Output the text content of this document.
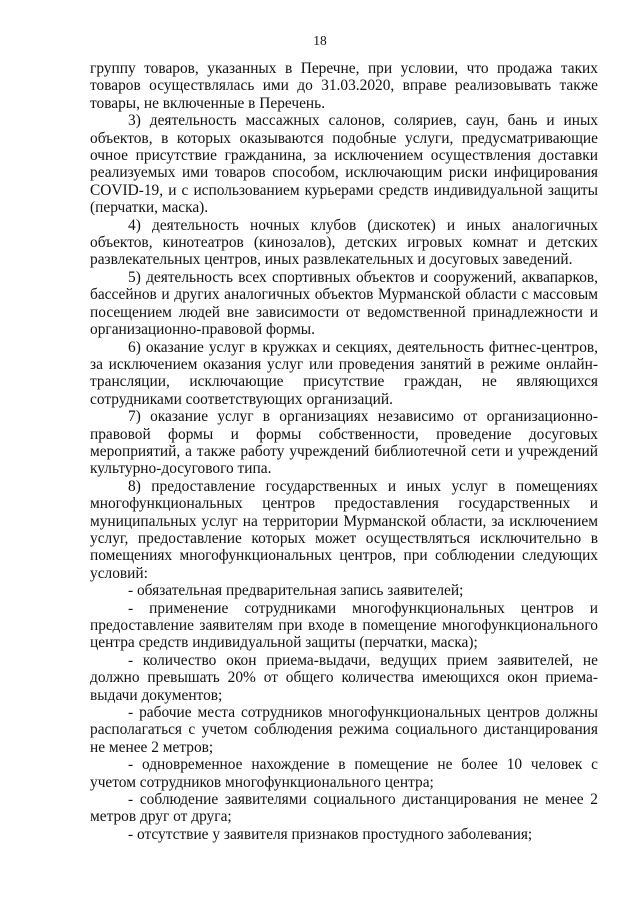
18

группу товаров, указанных в Перечне, при условии, что продажа таких товаров осуществлялась ими до 31.03.2020, вправе реализовывать также товары, не включенные в Перечень.

3) деятельность массажных салонов, соляриев, саун, бань и иных объектов, в которых оказываются подобные услуги, предусматривающие очное присутствие гражданина, за исключением осуществления доставки реализуемых ими товаров способом, исключающим риски инфицирования COVID-19, и с использованием курьерами средств индивидуальной защиты (перчатки, маска).

4) деятельность ночных клубов (дискотек) и иных аналогичных объектов, кинотеатров (кинозалов), детских игровых комнат и детских развлекательных центров, иных развлекательных и досуговых заведений.

5) деятельность всех спортивных объектов и сооружений, аквапарков, бассейнов и других аналогичных объектов Мурманской области с массовым посещением людей вне зависимости от ведомственной принадлежности и организационно-правовой формы.

6) оказание услуг в кружках и секциях, деятельность фитнес-центров, за исключением оказания услуг или проведения занятий в режиме онлайн-трансляции, исключающие присутствие граждан, не являющихся сотрудниками соответствующих организаций.

7) оказание услуг в организациях независимо от организационно-правовой формы и формы собственности, проведение досуговых мероприятий, а также работу учреждений библиотечной сети и учреждений культурно-досугового типа.

8) предоставление государственных и иных услуг в помещениях многофункциональных центров предоставления государственных и муниципальных услуг на территории Мурманской области, за исключением услуг, предоставление которых может осуществляться исключительно в помещениях многофункциональных центров, при соблюдении следующих условий:

- обязательная предварительная запись заявителей;

- применение сотрудниками многофункциональных центров и предоставление заявителям при входе в помещение многофункционального центра средств индивидуальной защиты (перчатки, маска);

- количество окон приема-выдачи, ведущих прием заявителей, не должно превышать 20% от общего количества имеющихся окон приема-выдачи документов;

- рабочие места сотрудников многофункциональных центров должны располагаться с учетом соблюдения режима социального дистанцирования не менее 2 метров;

- одновременное нахождение в помещение не более 10 человек с учетом сотрудников многофункционального центра;

- соблюдение заявителями социального дистанцирования не менее 2 метров друг от друга;

- отсутствие у заявителя признаков простудного заболевания;
